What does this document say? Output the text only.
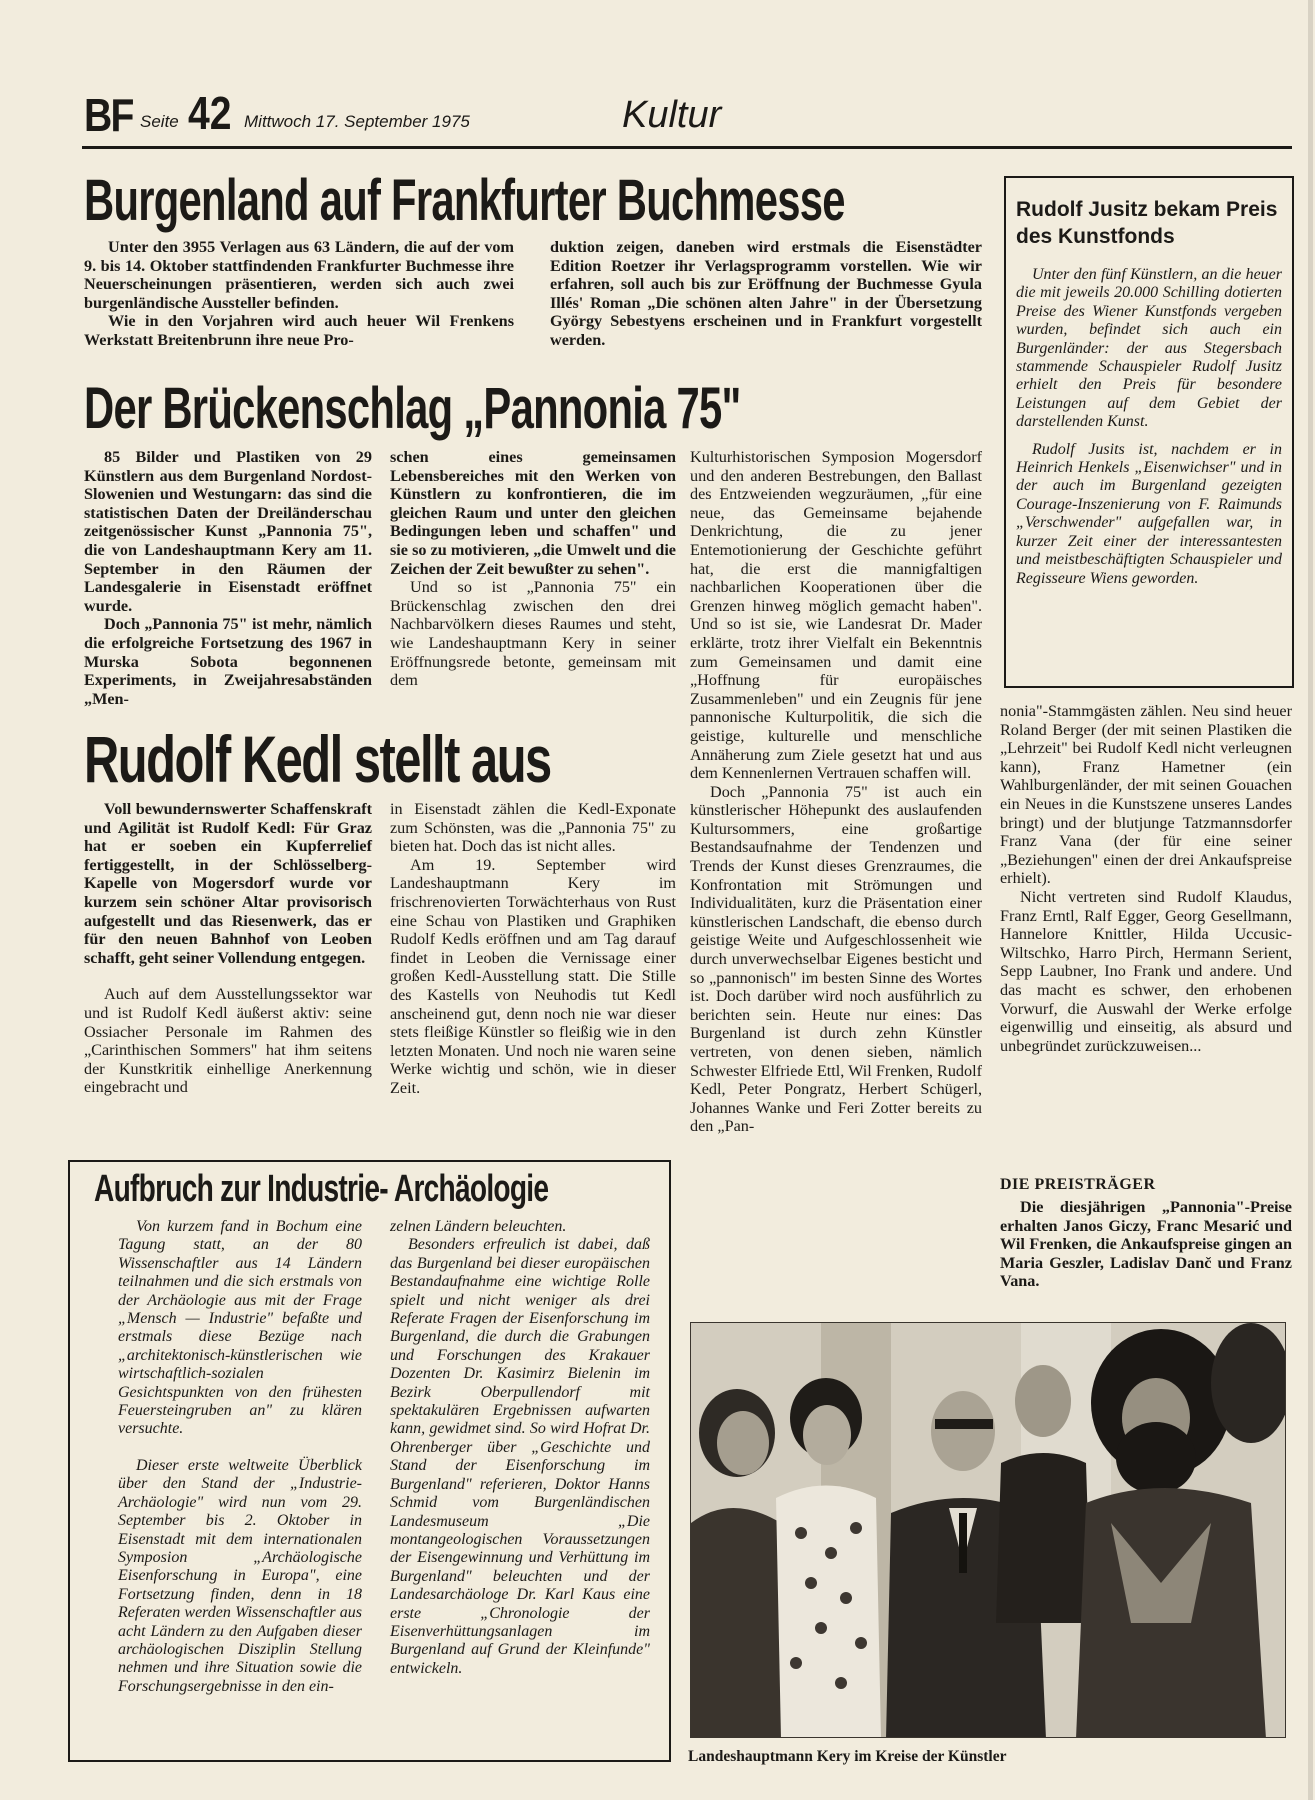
BF Seite 42 Mittwoch 17. September 1975	Kultur
Burgenland auf Frankfurter Buchmesse

Unter den 3955 Verlagen aus 63 Ländern, die auf der vom 9. bis 14. Oktober stattfindenden Frankfurter Buchmesse ihre Neuerscheinungen präsentieren, werden sich auch zwei burgenländische Aussteller befinden.

Wie in den Vorjahren wird auch heuer Wil Frenkens Werkstatt Breitenbrunn ihre neue Pro-

duktion zeigen, daneben wird erstmals die Eisenstädter Edition Roetzer ihr Verlagsprogramm vorstellen. Wie wir erfahren, soll auch bis zur Eröffnung der Buchmesse Gyula Illés' Roman „Die schönen alten Jahre" in der Übersetzung György Sebestyens erscheinen und in Frankfurt vorgestellt werden.

Rudolf Jusitz bekam Preis des Kunstfonds

Unter den fünf Künstlern, an die heuer die mit jeweils 20.000 Schilling dotierten Preise des Wiener Kunstfonds vergeben wurden, befindet sich auch ein Burgenländer: der aus Stegersbach stammende Schauspieler Rudolf Jusitz erhielt den Preis für besondere Leistungen auf dem Gebiet der darstellenden Kunst.

Rudolf Jusits ist, nachdem er in Heinrich Henkels „Eisenwichser" und in der auch im Burgenland gezeigten Courage-Inszenierung von F. Raimunds „Verschwender" aufgefallen war, in kurzer Zeit einer der interessantesten und meistbeschäftigten Schauspieler und Regisseure Wiens geworden.

Der Brückenschlag „Pannonia 75"

85 Bilder und Plastiken von 29 Künstlern aus dem Burgenland Nordost-Slowenien und Westungarn: das sind die statistischen Daten der Dreiländerschau zeitgenössischer Kunst „Pannonia 75", die von Landeshauptmann Kery am 11. September in den Räumen der Landesgalerie in Eisenstadt eröffnet wurde.

Doch „Pannonia 75" ist mehr, nämlich die erfolgreiche Fortsetzung des 1967 in Murska Sobota begonnenen Experiments, in Zweijahresabständen „Men-

schen eines gemeinsamen Lebensbereiches mit den Werken von Künstlern zu konfrontieren, die im gleichen Raum und unter den gleichen Bedingungen leben und schaffen" und sie so zu motivieren, „die Umwelt und die Zeichen der Zeit bewußter zu sehen".

Und so ist „Pannonia 75" ein Brückenschlag zwischen den drei Nachbarvölkern dieses Raumes und steht, wie Landeshauptmann Kery in seiner Eröffnungsrede betonte, gemeinsam mit dem

Kulturhistorischen Symposion Mogersdorf und den anderen Bestrebungen, den Ballast des Entzweienden wegzuräumen, „für eine neue, das Gemeinsame bejahende Denkrichtung, die zu jener Entemotionierung der Geschichte geführt hat, die erst die mannigfaltigen nachbarlichen Kooperationen über die Grenzen hinweg möglich gemacht haben". Und so ist sie, wie Landesrat Dr. Mader erklärte, trotz ihrer Vielfalt ein Bekenntnis zum Gemeinsamen und damit eine „Hoffnung für europäisches Zusammenleben" und ein Zeugnis für jene pannonische Kulturpolitik, die sich die geistige, kulturelle und menschliche Annäherung zum Ziele gesetzt hat und aus dem Kennenlernen Vertrauen schaffen will.

Doch „Pannonia 75" ist auch ein künstlerischer Höhepunkt des auslaufenden Kultursommers, eine großartige Bestandsaufnahme der Tendenzen und Trends der Kunst dieses Grenzraumes, die Konfrontation mit Strömungen und Individualitäten, kurz die Präsentation einer künstlerischen Landschaft, die ebenso durch geistige Weite und Aufgeschlossenheit wie durch unverwechselbar Eigenes besticht und so „pannonisch" im besten Sinne des Wortes ist. Doch darüber wird noch ausführlich zu berichten sein. Heute nur eines: Das Burgenland ist durch zehn Künstler vertreten, von denen sieben, nämlich Schwester Elfriede Ettl, Wil Frenken, Rudolf Kedl, Peter Pongratz, Herbert Schügerl, Johannes Wanke und Feri Zotter bereits zu den „Pan-

nonia"-Stammgästen zählen. Neu sind heuer Roland Berger (der mit seinen Plastiken die „Lehrzeit" bei Rudolf Kedl nicht verleugnen kann), Franz Hametner (ein Wahlburgenländer, der mit seinen Gouachen ein Neues in die Kunstszene unseres Landes bringt) und der blutjunge Tatzmannsdorfer Franz Vana (der für eine seiner „Beziehungen" einen der drei Ankaufspreise erhielt).

Nicht vertreten sind Rudolf Klaudus, Franz Erntl, Ralf Egger, Georg Gesellmann, Hannelore Knittler, Hilda Uccusic-Wiltschko, Harro Pirch, Hermann Serient, Sepp Laubner, Ino Frank und andere. Und das macht es schwer, den erhobenen Vorwurf, die Auswahl der Werke erfolge eigenwillig und einseitig, als absurd und unbegründet zurückzuweisen...

DIE PREISTRÄGER

Die diesjährigen „Pannonia"-Preise erhalten Janos Giczy, Franc Mesarić und Wil Frenken, die Ankaufspreise gingen an Maria Geszler, Ladislav Danč und Franz Vana.

Rudolf Kedl stellt aus

Voll bewundernswerter Schaffenskraft und Agilität ist Rudolf Kedl: Für Graz hat er soeben ein Kupferrelief fertiggestellt, in der Schlösselberg-Kapelle von Mogersdorf wurde vor kurzem sein schöner Altar provisorisch aufgestellt und das Riesenwerk, das er für den neuen Bahnhof von Leoben schafft, geht seiner Vollendung entgegen.

Auch auf dem Ausstellungssektor war und ist Rudolf Kedl äußerst aktiv: seine Ossiacher Personale im Rahmen des „Carinthischen Sommers" hat ihm seitens der Kunstkritik einhellige Anerkennung eingebracht und

in Eisenstadt zählen die Kedl-Exponate zum Schönsten, was die „Pannonia 75" zu bieten hat. Doch das ist nicht alles.

Am 19. September wird Landeshauptmann Kery im frischrenovierten Torwächterhaus von Rust eine Schau von Plastiken und Graphiken Rudolf Kedls eröffnen und am Tag darauf findet in Leoben die Vernissage einer großen Kedl-Ausstellung statt. Die Stille des Kastells von Neuhodis tut Kedl anscheinend gut, denn noch nie war dieser stets fleißige Künstler so fleißig wie in den letzten Monaten. Und noch nie waren seine Werke wichtig und schön, wie in dieser Zeit.

Aufbruch zur Industrie- Archäologie

Von kurzem fand in Bochum eine Tagung statt, an der 80 Wissenschaftler aus 14 Ländern teilnahmen und die sich erstmals von der Archäologie aus mit der Frage „Mensch — Industrie" befaßte und erstmals diese Bezüge nach „architektonisch-künstlerischen wie wirtschaftlich-sozialen Gesichtspunkten von den frühesten Feuersteingruben an" zu klären versuchte.

Dieser erste weltweite Überblick über den Stand der „Industrie-Archäologie" wird nun vom 29. September bis 2. Oktober in Eisenstadt mit dem internationalen Symposion „Archäologische Eisenforschung in Europa", eine Fortsetzung finden, denn in 18 Referaten werden Wissenschaftler aus acht Ländern zu den Aufgaben dieser archäologischen Disziplin Stellung nehmen und ihre Situation sowie die Forschungsergebnisse in den ein-

zelnen Ländern beleuchten.

Besonders erfreulich ist dabei, daß das Burgenland bei dieser europäischen Bestandaufnahme eine wichtige Rolle spielt und nicht weniger als drei Referate Fragen der Eisenforschung im Burgenland, die durch die Grabungen und Forschungen des Krakauer Dozenten Dr. Kasimirz Bielenin im Bezirk Oberpullendorf mit spektakulären Ergebnissen aufwarten kann, gewidmet sind. So wird Hofrat Dr. Ohrenberger über „Geschichte und Stand der Eisenforschung im Burgenland" referieren, Doktor Hanns Schmid vom Burgenländischen Landesmuseum „Die montangeologischen Voraussetzungen der Eisengewinnung und Verhüttung im Burgenland" beleuchten und der Landesarchäologe Dr. Karl Kaus eine erste „Chronologie der Eisenverhüttungsanlagen im Burgenland auf Grund der Kleinfunde" entwickeln.

Landeshauptmann Kery im Kreise der Künstler
